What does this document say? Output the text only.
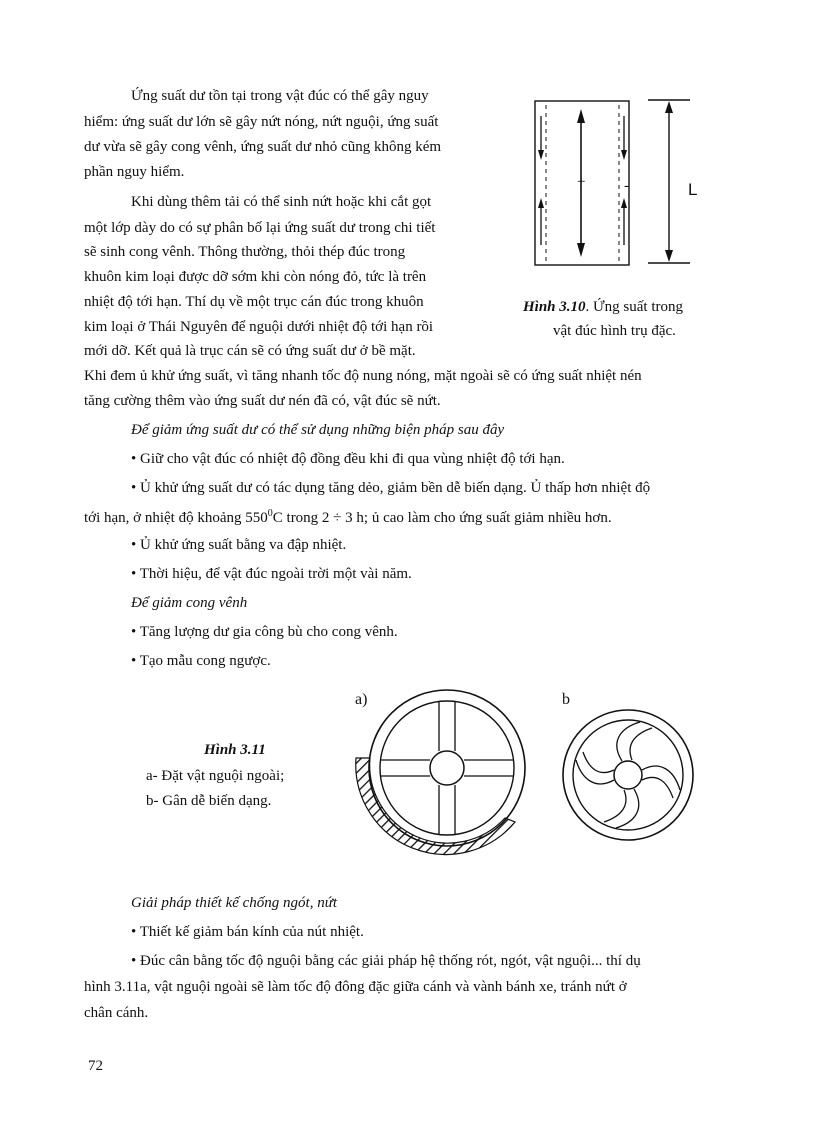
Ứng suất dư tồn tại trong vật đúc có thể gây nguy
hiểm: ứng suất dư lớn sẽ gây nứt nóng, nứt nguội, ứng suất
dư vừa sẽ gây cong vênh, ứng suất dư nhỏ cũng không kém
phần nguy hiểm.
Khi dùng thêm tải có thể sinh nứt hoặc khi cắt gọt
một lớp dày do có sự phân bố lại ứng suất dư trong chi tiết
sẽ sinh cong vênh. Thông thường, thỏi thép đúc trong
khuôn kim loại được dỡ sớm khi còn nóng đỏ, tức là trên
nhiệt độ tới hạn. Thí dụ về một trục cán đúc trong khuôn
kim loại ở Thái Nguyên để nguội dưới nhiệt độ tới hạn rồi
mới dỡ. Kết quả là trục cán sẽ có ứng suất dư ở bề mặt.
Khi đem ủ khử ứng suất, vì tăng nhanh tốc độ nung nóng, mặt ngoài sẽ có ứng suất nhiệt nén
tăng cường thêm vào ứng suất dư nén đã có, vật đúc sẽ nứt.
+	-	L
Hình 3.10. Ứng suất trong
vật đúc hình trụ đặc.
Để giảm ứng suất dư có thể sử dụng những biện pháp sau đây
• Giữ cho vật đúc có nhiệt độ đồng đều khi đi qua vùng nhiệt độ tới hạn.
• Ủ khử ứng suất dư có tác dụng tăng dẻo, giảm bền dễ biến dạng. Ủ thấp hơn nhiệt độ
tới hạn, ở nhiệt độ khoảng $550^0C$ trong 2 ÷ 3 h; ủ cao làm cho ứng suất giảm nhiều hơn.
• Ủ khử ứng suất bằng va đập nhiệt.
• Thời hiệu, để vật đúc ngoài trời một vài năm.
Để giảm cong vênh
• Tăng lượng dư gia công bù cho cong vênh.
• Tạo mẫu cong ngược.
Hình 3.11
a- Đặt vật nguội ngoài;
b- Gân dễ biến dạng.
a)	b
Giải pháp thiết kế chống ngót, nứt
• Thiết kế giảm bán kính của nút nhiệt.
• Đúc cân bằng tốc độ nguội bằng các giải pháp hệ thống rót, ngót, vật nguội... thí dụ
hình 3.11a, vật nguội ngoài sẽ làm tốc độ đông đặc giữa cánh và vành bánh xe, tránh nứt ở
chân cánh.
72
